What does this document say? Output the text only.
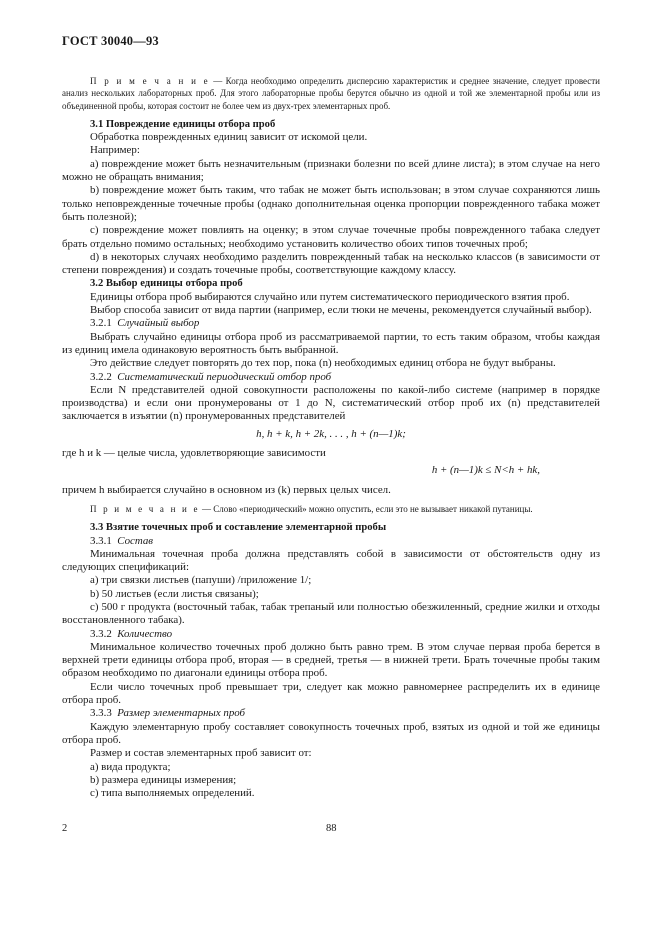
ГОСТ 30040—93

П р и м е ч а н и е — Когда необходимо определить дисперсию характеристик и среднее значение, следует провести анализ нескольких лабораторных проб. Для этого лабораторные пробы берутся обычно из одной и той же элементарной пробы или из объединенной пробы, которая состоит не более чем из двух-трех элементарных проб.

3.1 Повреждение единицы отбора проб

Обработка поврежденных единиц зависит от искомой цели.

Например:

а) повреждение может быть незначительным (признаки болезни по всей длине листа); в этом случае на него можно не обращать внимания;

b) повреждение может быть таким, что табак не может быть использован; в этом случае сохраняются лишь только неповрежденные точечные пробы (однако дополнительная оценка пропорции поврежденного табака может быть полезной);

с) повреждение может повлиять на оценку; в этом случае точечные пробы поврежденного табака следует брать отдельно помимо остальных; необходимо установить количество обоих типов точечных проб;

d) в некоторых случаях необходимо разделить поврежденный табак на несколько классов (в зависимости от степени повреждения) и создать точечные пробы, соответствующие каждому классу.

3.2 Выбор единицы отбора проб

Единицы отбора проб выбираются случайно или путем систематического периодического взятия проб.

Выбор способа зависит от вида партии (например, если тюки не мечены, рекомендуется случайный выбор).

3.2.1 Случайный выбор

Выбрать случайно единицы отбора проб из рассматриваемой партии, то есть таким образом, чтобы каждая из единиц имела одинаковую вероятность быть выбранной.

Это действие следует повторять до тех пор, пока (n) необходимых единиц отбора не будут выбраны.

3.2.2 Систематический периодический отбор проб

Если N представителей одной совокупности расположены по какой-либо системе (например в порядке производства) и если они пронумерованы от 1 до N, систематический отбор проб их (n) представителей заключается в изъятии (n) пронумерованных представителей

h, h + k, h + 2k, . . . , h + (n—1)k;

где h и k — целые числа, удовлетворяющие зависимости

h + (n—1)k ≤ N<h + hk,

причем h выбирается случайно в основном из (k) первых целых чисел.

П р и м е ч а н и е — Слово «периодический» можно опустить, если это не вызывает никакой путаницы.

3.3 Взятие точечных проб и составление элементарной пробы

3.3.1 Состав

Минимальная точечная проба должна представлять собой в зависимости от обстоятельств одну из следующих спецификаций:

а) три связки листьев (папуши) /приложение 1/;

b) 50 листьев (если листья связаны);

с) 500 г продукта (восточный табак, табак трепаный или полностью обезжиленный, средние жилки и отходы восстановленного табака).

3.3.2 Количество

Минимальное количество точечных проб должно быть равно трем. В этом случае первая проба берется в верхней трети единицы отбора проб, вторая — в средней, третья — в нижней трети. Брать точечные пробы таким образом необходимо по диагонали единицы отбора проб.

Если число точечных проб превышает три, следует как можно равномернее распределить их в единице отбора проб.

3.3.3 Размер элементарных проб

Каждую элементарную пробу составляет совокупность точечных проб, взятых из одной и той же единицы отбора проб.

Размер и состав элементарных проб зависит от:

а) вида продукта;

b) размера единицы измерения;

с) типа выполняемых определений.

2	88
